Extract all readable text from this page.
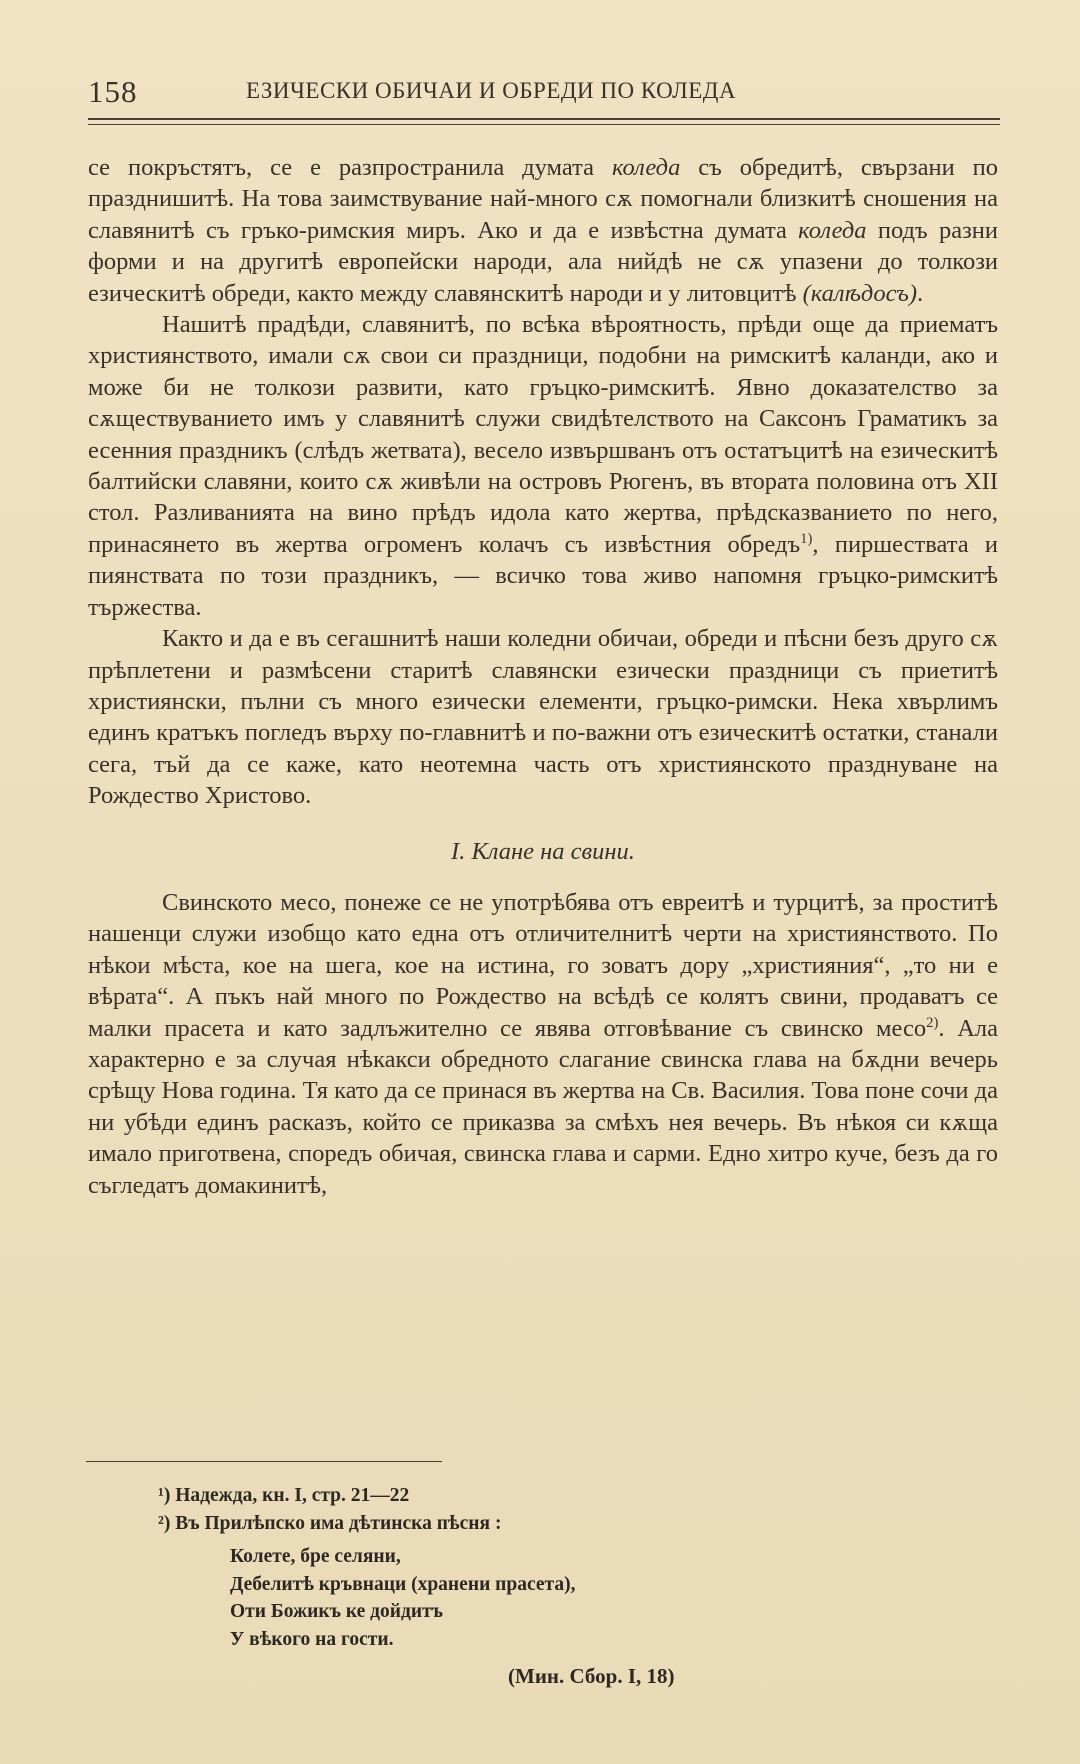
158	ЕЗИЧЕСКИ ОБИЧАИ И ОБРЕДИ ПО КОЛЕДА

се покръстятъ, се е разпространила думата коледа съ обредитѣ, свързани по празднишитѣ. На това заимствувание най-много сѫ помогнали близкитѣ сношения на славянитѣ съ гръко-римския миръ. Ако и да е извѣстна думата коледа подъ разни форми и на другитѣ европейски народи, ала нийдѣ не сѫ упазени до толкози езическитѣ обреди, както между славянскитѣ народи и у литовцитѣ (калѣдосъ).

Нашитѣ прадѣди, славянитѣ, по всѣка вѣроятность, прѣди още да приематъ християнството, имали сѫ свои си праздници, подобни на римскитѣ каланди, ако и може би не толкози развити, като гръцко-римскитѣ. Явно доказателство за сѫществуванието имъ у славянитѣ служи свидѣтелството на Саксонъ Граматикъ за есенния праздникъ (слѣдъ жетвата), весело извършванъ отъ остатъцитѣ на езическитѣ балтийски славяни, които сѫ живѣли на островъ Рюгенъ, въ втората половина отъ XII стол. Разливанията на вино прѣдъ идола като жертва, прѣдсказванието по него, принасянето въ жертва огроменъ колачъ съ извѣстния обредъ$^{1)}$, пиршествата и пиянствата по този праздникъ, — всичко това живо напомня гръцко-римскитѣ тържества.

Както и да е въ сегашнитѣ наши коледни обичаи, обреди и пѣсни безъ друго сѫ прѣплетени и размѣсени старитѣ славянски езически праздници съ приетитѣ християнски, пълни съ много езически елементи, гръцко-римски. Нека хвърлимъ единъ кратъкъ погледъ върху по-главнитѣ и по-важни отъ езическитѣ остатки, станали сега, тъй да се каже, като неотемна часть отъ християнското празднуване на Рождество Христово.

I. Клане на свини.

Свинското месо, понеже се не употрѣбява отъ евреитѣ и турцитѣ, за проститѣ нашенци служи изобщо като една отъ отличителнитѣ черти на християнството. По нѣкои мѣста, кое на шега, кое на истина, го зоватъ дору „християния“, „то ни е вѣрата“. А пъкъ най много по Рождество на всѣдѣ се колятъ свини, продаватъ се малки прасета и като задлъжително се явява отговѣвание съ свинско месо$^{2)}$. Ала характерно е за случая нѣкакси обредното слагание свинска глава на бѫдни вечерь срѣщу Нова година. Тя като да се принася въ жертва на Св. Василия. Това поне сочи да ни убѣди единъ расказъ, който се приказва за смѣхъ нея вечерь. Въ нѣкоя си кѫща имало приготвена, споредъ обичая, свинска глава и сарми. Едно хитро куче, безъ да го съгледатъ домакинитѣ,

¹) Надежда, кн. I, стр. 21—22

²) Въ Прилѣпско има дѣтинска пѣсня :

Колете, бре селяни,
Дебелитѣ кръвнаци (хранени прасета),
Оти Божикъ ке дойдитъ
У вѣкого на гости.
(Мин. Сбор. I, 18)
